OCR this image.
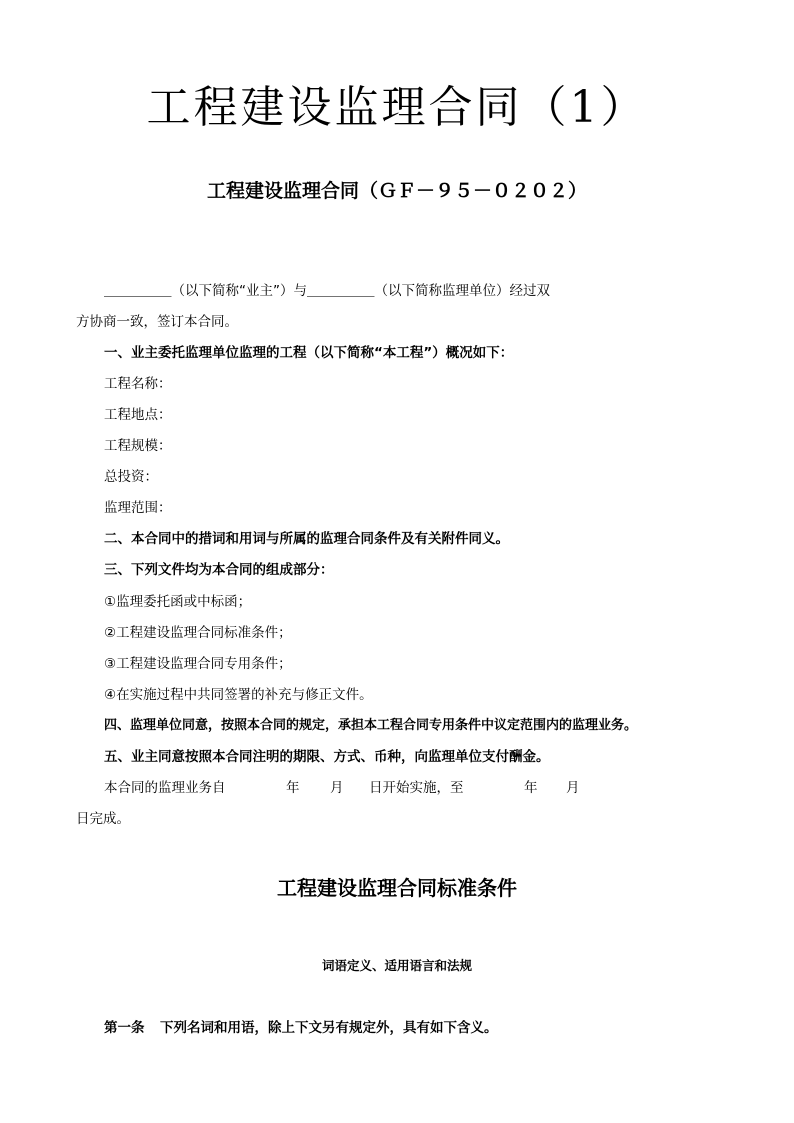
工程建设监理合同（1）
工程建设监理合同（ＧＦ－９５－０２０２）
＿＿＿＿＿（以下简称“业主”）与＿＿＿＿＿（以下简称监理单位）经过双
方协商一致，签订本合同。
一、业主委托监理单位监理的工程（以下简称“本工程”）概况如下：
工程名称：
工程地点：
工程规模：
总投资：
监理范围：
二、本合同中的措词和用词与所属的监理合同条件及有关附件同义。
三、下列文件均为本合同的组成部分：
①监理委托函或中标函；
②工程建设监理合同标准条件；
③工程建设监理合同专用条件；
④在实施过程中共同签署的补充与修正文件。
四、监理单位同意，按照本合同的规定，承担本工程合同专用条件中议定范围内的监理业务。
五、业主同意按照本合同注明的期限、方式、币种，向监理单位支付酬金。
本合同的监理业务自	年 月 日开始实施，至	年 月
日完成。
工程建设监理合同标准条件
词语定义、适用语言和法规
第一条 下列名词和用语，除上下文另有规定外，具有如下含义。
